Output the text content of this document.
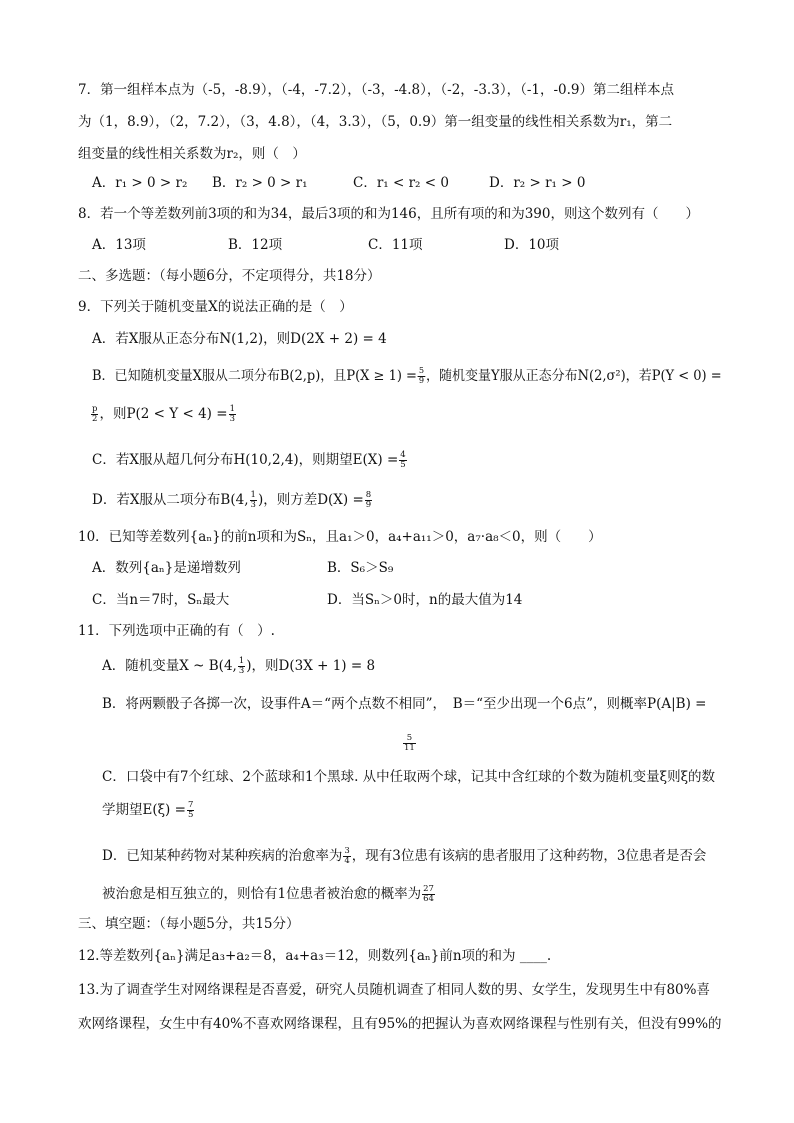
7．第一组样本点为（-5，-8.9），（-4，-7.2），（-3，-4.8），（-2，-3.3），（-1，-0.9）第二组样本点
为（1，8.9），（2，7.2），（3，4.8），（4，3.3），（5，0.9）第一组变量的线性相关系数为r₁，第二
组变量的线性相关系数为r₂，则（　）
A．r₁ > 0 > r₂ B．r₂ > 0 > r₁	C．r₁ < r₂ < 0	D．r₂ > r₁ > 0
8．若一个等差数列前3项的和为34，最后3项的和为146，且所有项的和为390，则这个数列有（　　）
A．13项	B．12项	C．11项	D．10项
二、多选题：（每小题6分，不定项得分，共18分）
9．下列关于随机变量X的说法正确的是（　）
A．若X服从正态分布N(1,2)，则D(2X + 2) = 4
B．已知随机变量X服从二项分布B(2,p)，且$P(X \ge 1) = \frac{5}{9}$ ，随机变量Y服从正态分布N(2,σ²)，若P(Y < 0) =
$\frac{p}{2}$ ，则$P(2 < Y < 4) = \frac{1}{3}$
C．若X服从超几何分布H(10,2,4)，则期望$E(X) = \frac{4}{5}$
D．若X服从二项分布B(4, $\frac{1}{3}$ )，则方差$D(X) = \frac{8}{9}$
10．已知等差数列{aₙ}的前n项和为Sₙ，且a₁＞0，a₄+a₁₁＞0，a₇·a₈＜0，则（　　）
A．数列{aₙ}是递增数列	B．S₆＞S₉
C．当n＝7时，Sₙ最大	D．当Sₙ＞0时，n的最大值为14
11．下列选项中正确的有（　）.
A．随机变量X ~ B(4, $\frac{1}{3}$ )，则D(3X + 1) = 8
B．将两颗骰子各掷一次，设事件A＝“两个点数不相同”，　B＝“至少出现一个6点”，则概率P(A|B) =
$\frac{5}{11}$
C．口袋中有7个红球、2个蓝球和1个黑球. 从中任取两个球，记其中含红球的个数为随机变量ξ则ξ的数
学期望$E(\xi) = \frac{7}{5}$
D．已知某种药物对某种疾病的治愈率为 $\frac{3}{4}$ ，现有3位患有该病的患者服用了这种药物，3位患者是否会
被治愈是相互独立的，则恰有1位患者被治愈的概率为 $\frac{27}{64}$
三、填空题：（每小题5分，共15分）
12.等差数列{aₙ}满足a₃+a₂＝8，a₄+a₃＝12，则数列{aₙ}前n项的和为 ____.
13.为了调查学生对网络课程是否喜爱，研究人员随机调查了相同人数的男、女学生，发现男生中有80%喜
欢网络课程，女生中有40%不喜欢网络课程，且有95%的把握认为喜欢网络课程与性别有关，但没有99%的
